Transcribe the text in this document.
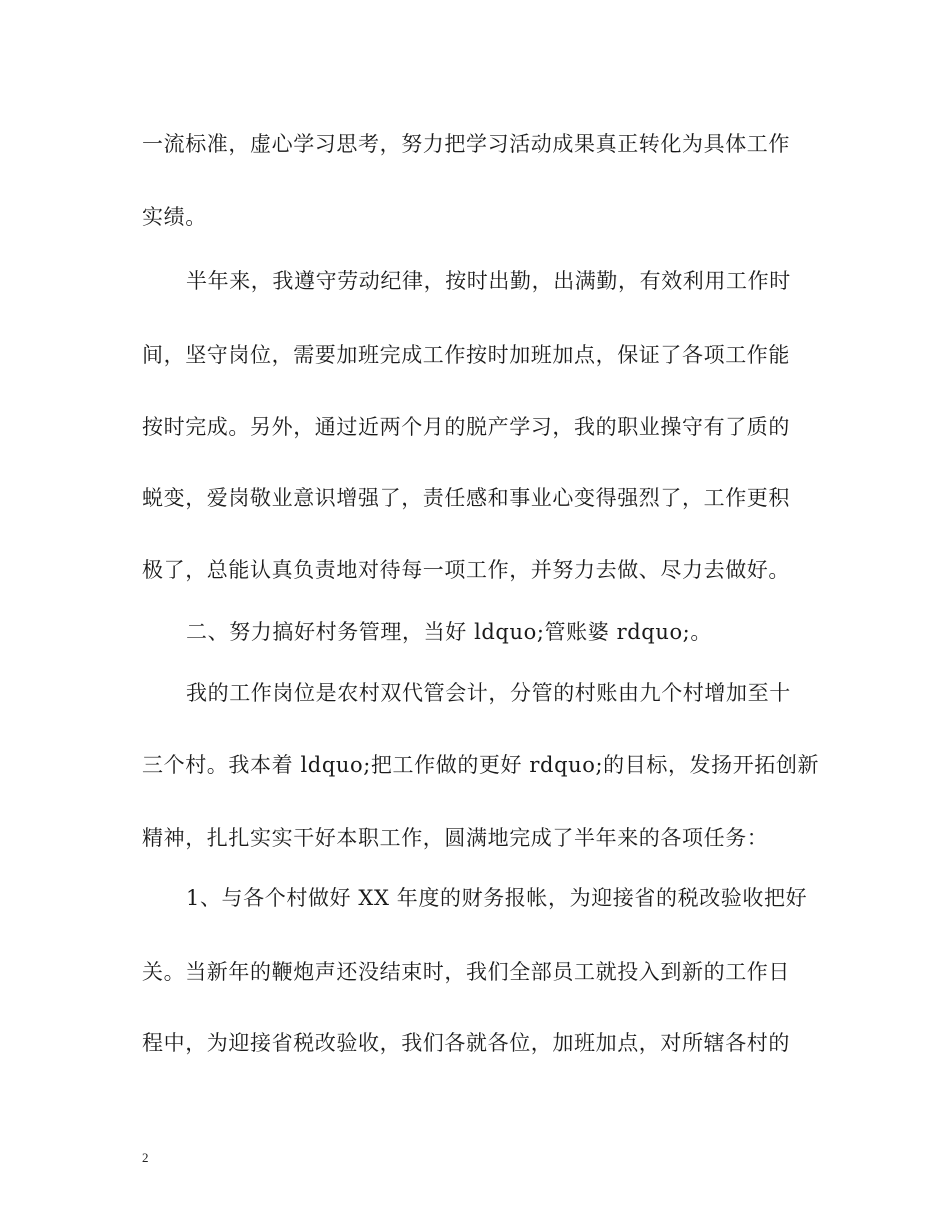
一流标准，虚心学习思考，努力把学习活动成果真正转化为具体工作
实绩。
半年来，我遵守劳动纪律，按时出勤，出满勤，有效利用工作时
间，坚守岗位，需要加班完成工作按时加班加点，保证了各项工作能
按时完成。另外，通过近两个月的脱产学习，我的职业操守有了质的
蜕变，爱岗敬业意识增强了，责任感和事业心变得强烈了，工作更积
极了，总能认真负责地对待每一项工作，并努力去做、尽力去做好。
二、努力搞好村务管理，当好 ldquo;管账婆 rdquo;。
我的工作岗位是农村双代管会计，分管的村账由九个村增加至十
三个村。我本着 ldquo;把工作做的更好 rdquo;的目标，发扬开拓创新
精神，扎扎实实干好本职工作，圆满地完成了半年来的各项任务：
1、与各个村做好 XX 年度的财务报帐，为迎接省的税改验收把好
关。当新年的鞭炮声还没结束时，我们全部员工就投入到新的工作日
程中，为迎接省税改验收，我们各就各位，加班加点，对所辖各村的
2
